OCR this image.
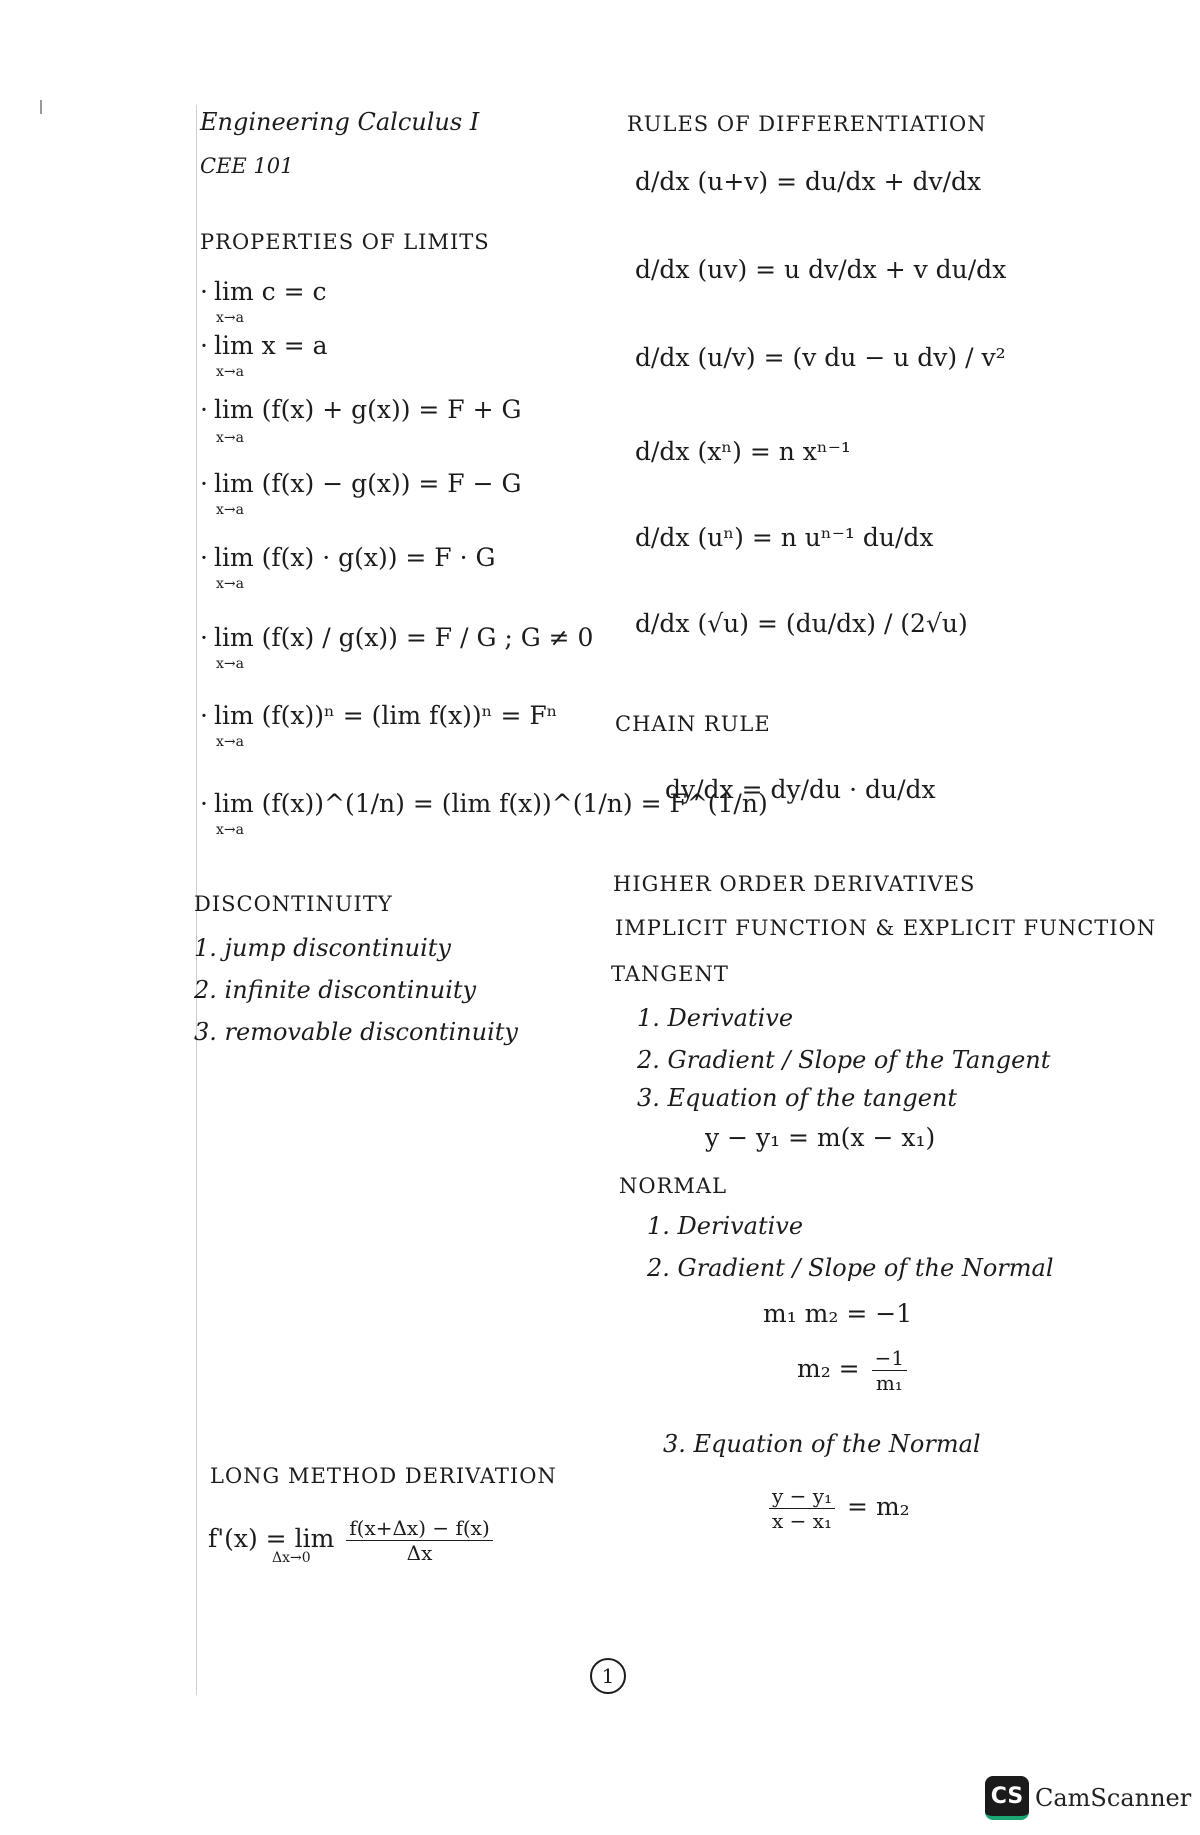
Engineering Calculus I
CEE 101
PROPERTIES OF LIMITS
· lim c = c
x→a
· lim x = a
x→a
· lim (f(x) + g(x)) = F + G
x→a
· lim (f(x) − g(x)) = F − G
x→a
· lim (f(x) · g(x)) = F · G
x→a
· lim (f(x) / g(x)) = F / G ; G ≠ 0
x→a
· lim (f(x))ⁿ = (lim f(x))ⁿ = Fⁿ
x→a
· lim (f(x))^(1/n) = (lim f(x))^(1/n) = F^(1/n)
x→a
DISCONTINUITY
1. jump discontinuity
2. infinite discontinuity
3. removable discontinuity
LONG METHOD DERIVATION
$f'(x) = \lim \frac{f(x+\Delta x) - f(x)}{\Delta x}$
Δx→0
RULES OF DIFFERENTIATION
d/dx (u+v) = du/dx + dv/dx
d/dx (uv) = u dv/dx + v du/dx
d/dx (u/v) = (v du − u dv) / v²
d/dx (xⁿ) = n xⁿ⁻¹
d/dx (uⁿ) = n uⁿ⁻¹ du/dx
d/dx (√u) = (du/dx) / (2√u)
CHAIN RULE
dy/dx = dy/du · du/dx
HIGHER ORDER DERIVATIVES
IMPLICIT FUNCTION & EXPLICIT FUNCTION
TANGENT
1. Derivative
2. Gradient / Slope of the Tangent
3. Equation of the tangent
y − y₁ = m(x − x₁)
NORMAL
1. Derivative
2. Gradient / Slope of the Normal
m₁ m₂ = −1
$m_2 = \frac{-1}{\text{m₁}}$
3. Equation of the Normal
$\frac{\text{y − y₁}}{\text{x − x₁}} = m_2$
1
CS CamScanner
